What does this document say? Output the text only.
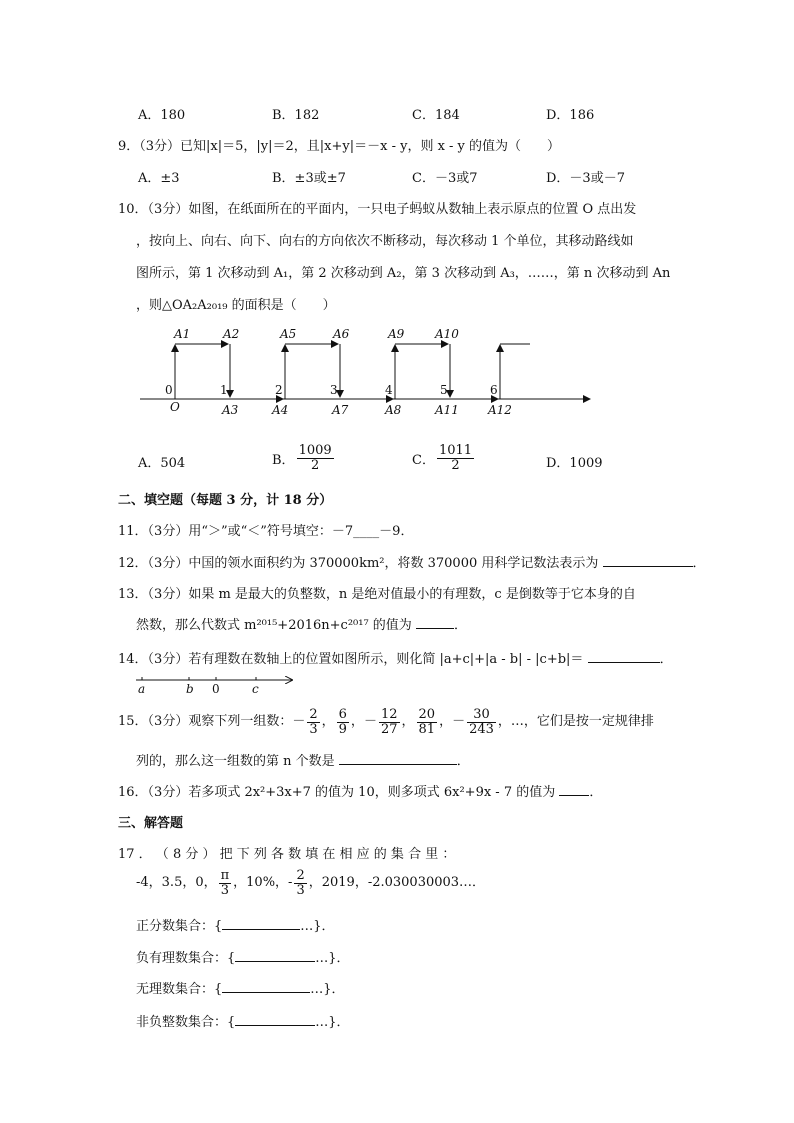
A．180	B．182	C．184	D．186
9．（3分）已知|x|＝5，|y|＝2，且|x+y|＝－x - y，则 x - y 的值为（　　）
A．±3	B．±3或±7	C．－3或7	D．－3或－7
10．（3分）如图，在纸面所在的平面内，一只电子蚂蚁从数轴上表示原点的位置 O 点出发
，按向上、向右、向下、向右的方向依次不断移动，每次移动 1 个单位，其移动路线如
图所示，第 1 次移动到 A₁，第 2 次移动到 A₂，第 3 次移动到 A₃，……，第 n 次移动到 An
，则△OA₂A₂₀₁₉ 的面积是（　　）
A1	A2	A5	A6	A9	A10
0	1	2	3	4	5	6
O	A3	A4	A7	A8	A11 A12
A．504	B． $\frac{1009}{2}$	C． $\frac{1011}{2}$	D．1009
二、填空题（每题 3 分，计 18 分）
11．（3分）用“＞”或“＜”符号填空：－7____－9．
12．（3分）中国的领水面积约为 370000km²，将数 370000 用科学记数法表示为	．
13．（3分）如果 m 是最大的负整数，n 是绝对值最小的有理数，c 是倒数等于它本身的自
然数，那么代数式 m²⁰¹⁵+2016n+c²⁰¹⁷ 的值为	．
14．（3分）若有理数在数轴上的位置如图所示，则化简 |a+c|+|a - b| - |c+b|＝	．
a	b 0	c
15．（3分）观察下列一组数：－ $\frac{2}{3}$ ， $\frac{6}{9}$ ，－ $\frac{12}{27}$ ， $\frac{20}{81}$ ，－ $\frac{30}{243}$ ，…，它们是按一定规律排
列的，那么这一组数的第 n 个数是	．
16．（3分）若多项式 2x²+3x+7 的值为 10，则多项式 6x²+9x - 7 的值为	．
三、解答题
17 ． （ 8 分 ） 把 下 列 各 数 填 在 相 应 的 集 合 里 ：
-4，3.5，0， $\frac{\pi}{3}$ ，10%，- $\frac{2}{3}$ ，2019，-2.030030003…．
正分数集合：{	…}．
负有理数集合：{	…}．
无理数集合：{	…}．
非负整数集合：{	…}．
